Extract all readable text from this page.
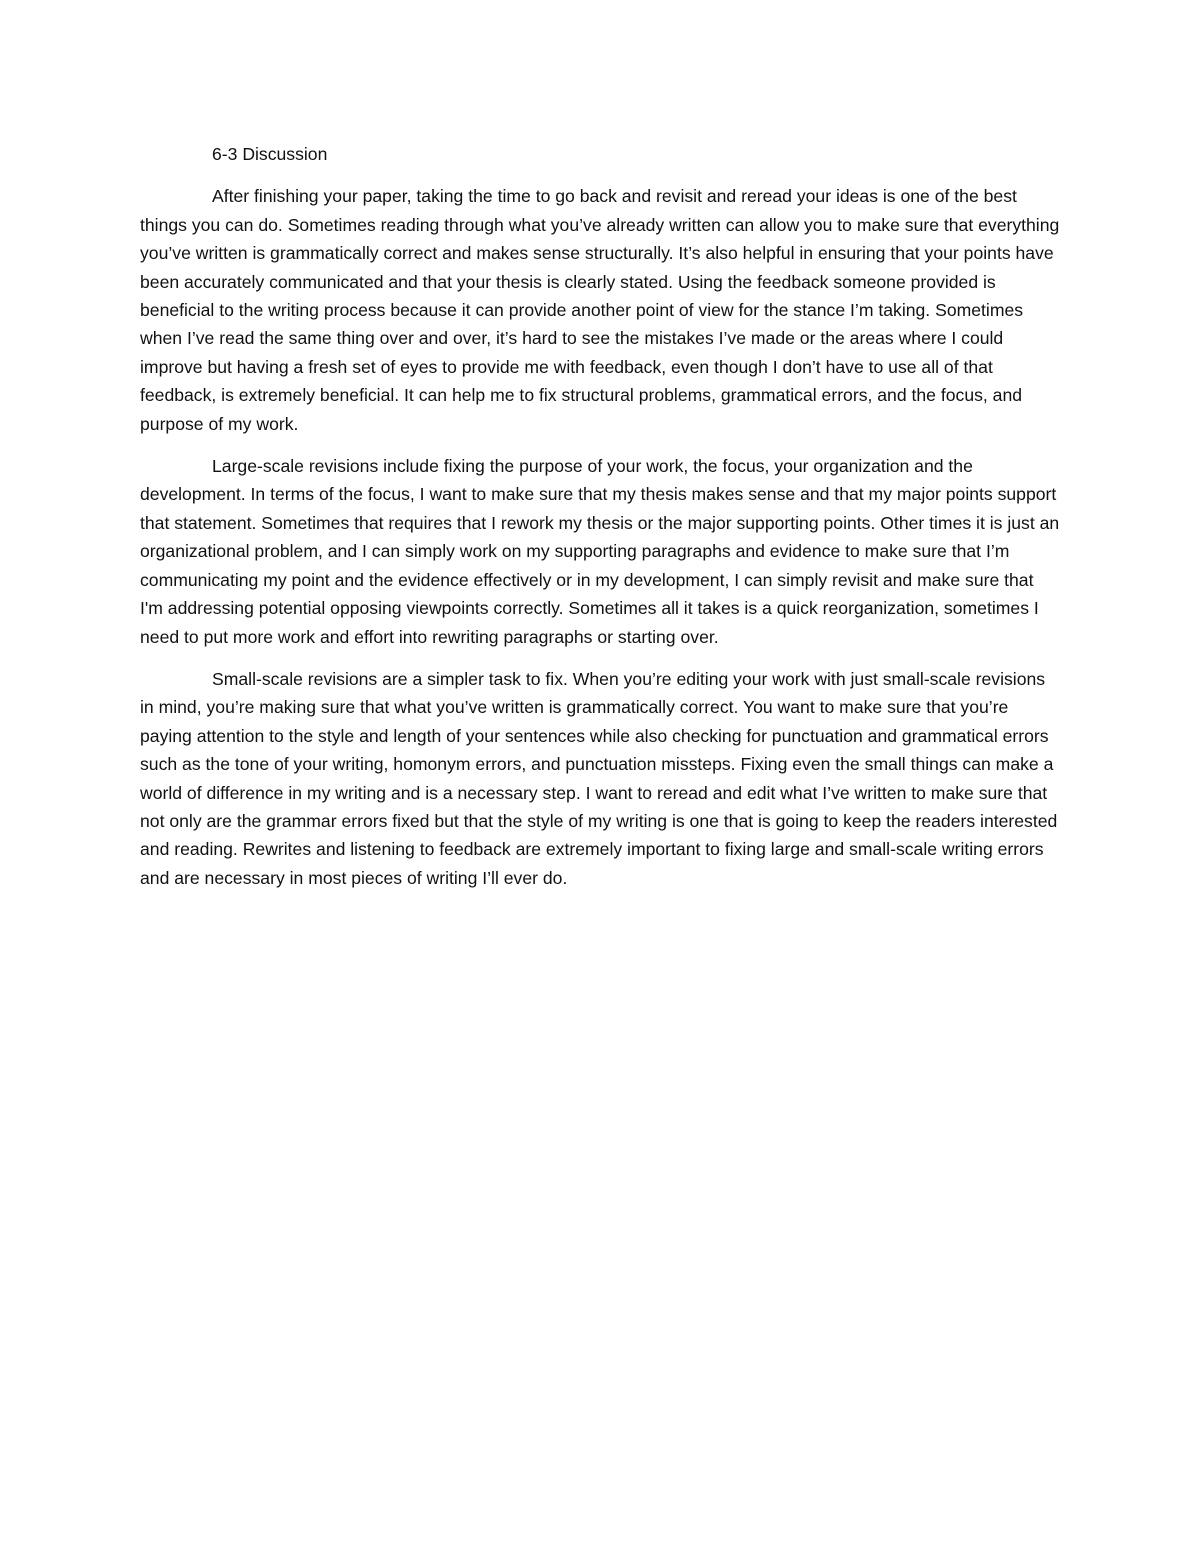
6-3 Discussion

After finishing your paper, taking the time to go back and revisit and reread your ideas is one of the best things you can do. Sometimes reading through what you’ve already written can allow you to make sure that everything you’ve written is grammatically correct and makes sense structurally. It’s also helpful in ensuring that your points have been accurately communicated and that your thesis is clearly stated. Using the feedback someone provided is beneficial to the writing process because it can provide another point of view for the stance I’m taking. Sometimes when I’ve read the same thing over and over, it’s hard to see the mistakes I’ve made or the areas where I could improve but having a fresh set of eyes to provide me with feedback, even though I don’t have to use all of that feedback, is extremely beneficial. It can help me to fix structural problems, grammatical errors, and the focus, and purpose of my work.

Large-scale revisions include fixing the purpose of your work, the focus, your organization and the development. In terms of the focus, I want to make sure that my thesis makes sense and that my major points support that statement. Sometimes that requires that I rework my thesis or the major supporting points. Other times it is just an organizational problem, and I can simply work on my supporting paragraphs and evidence to make sure that I’m communicating my point and the evidence effectively or in my development, I can simply revisit and make sure that I'm addressing potential opposing viewpoints correctly. Sometimes all it takes is a quick reorganization, sometimes I need to put more work and effort into rewriting paragraphs or starting over.

Small-scale revisions are a simpler task to fix. When you’re editing your work with just small-scale revisions in mind, you’re making sure that what you’ve written is grammatically correct. You want to make sure that you’re paying attention to the style and length of your sentences while also checking for punctuation and grammatical errors such as the tone of your writing, homonym errors, and punctuation missteps. Fixing even the small things can make a world of difference in my writing and is a necessary step. I want to reread and edit what I’ve written to make sure that not only are the grammar errors fixed but that the style of my writing is one that is going to keep the readers interested and reading. Rewrites and listening to feedback are extremely important to fixing large and small-scale writing errors and are necessary in most pieces of writing I’ll ever do.
